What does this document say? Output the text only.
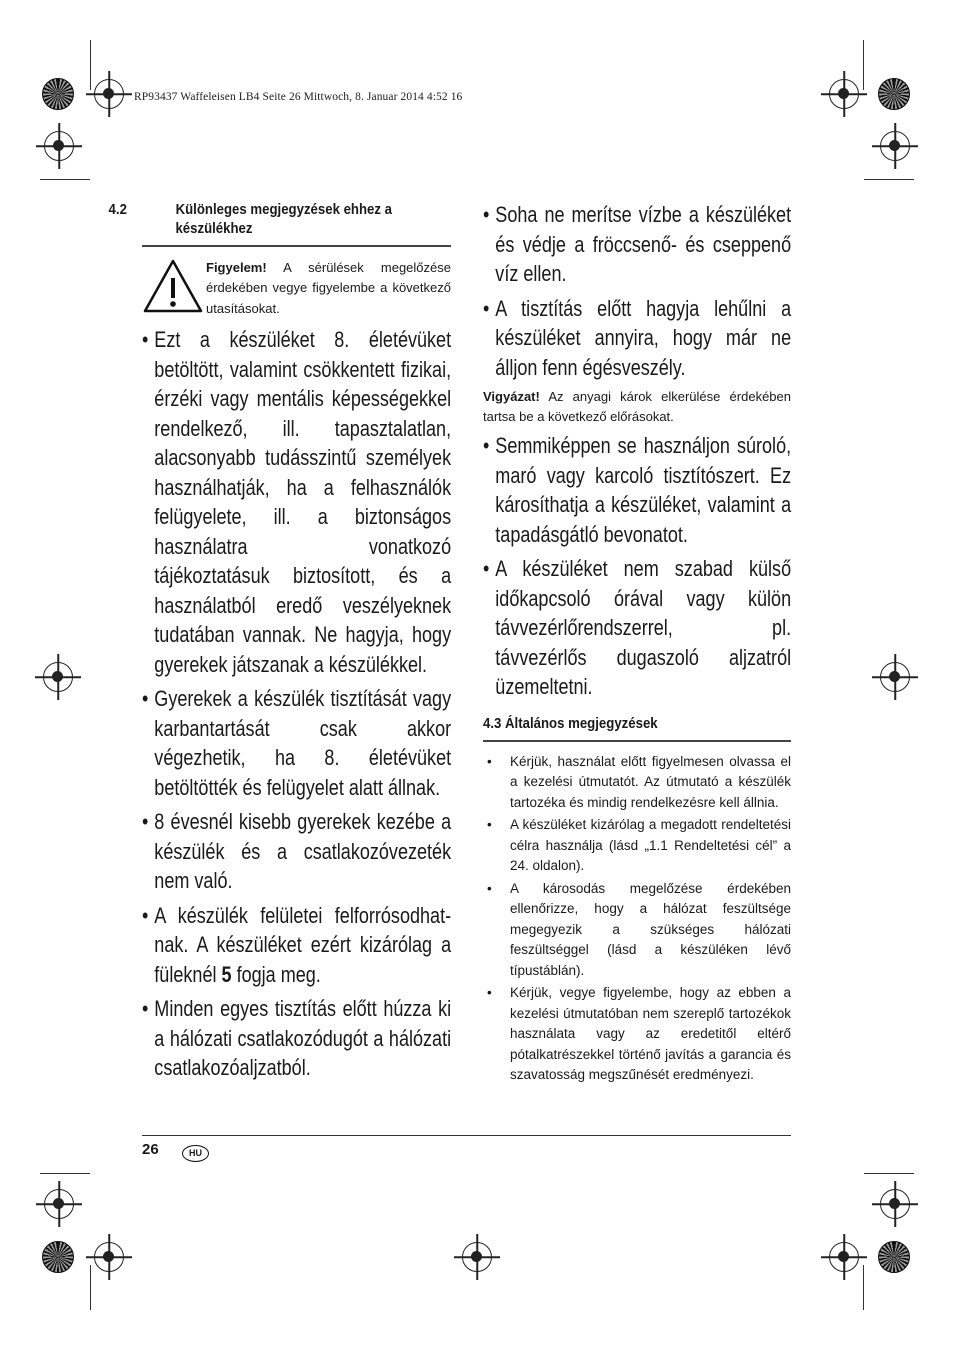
RP93437 Waffeleisen LB4 Seite 26 Mittwoch, 8. Januar 2014 4:52 16
4.2	Különleges megjegyzések ehhez a készülékhez
Figyelem! A sérülések megelőzése érdekében vegye figyelembe a következő utasításokat.
• Ezt a készüléket 8. életévüket betöltött, valamint csökkentett fizikai, érzéki vagy mentális képességekkel rendelkező, ill. tapasztalatlan, alacsonyabb tudásszintű személyek használhatják, ha a felhasználók felügyelete, ill. a biztonságos használatra vonatkozó tájékoztatásuk biztosított, és a használatból eredő veszélyeknek tudatában vannak. Ne hagyja, hogy gyerekek játszanak a készülékkel.
• Gyerekek a készülék tisztítását vagy karbantartását csak akkor végezhetik, ha 8. életévüket betöltötték és felügyelet alatt állnak.
• 8 évesnél kisebb gyerekek kezébe a készülék és a csatlakozóvezeték nem való.
• A készülék felületei felforrósodhat-nak. A készüléket ezért kizárólag a füleknél 5 fogja meg.
• Minden egyes tisztítás előtt húzza ki a hálózati csatlakozódugót a hálózati csatlakozóaljzatból.
• Soha ne merítse vízbe a készüléket és védje a fröccsenő- és cseppenő víz ellen.
• A tisztítás előtt hagyja lehűlni a készüléket annyira, hogy már ne álljon fenn égésveszély.

Vigyázat! Az anyagi károk elkerülése érdekében tartsa be a következő előrásokat.

• Semmiképpen se használjon súroló, maró vagy karcoló tisztítószert. Ez károsíthatja a készüléket, valamint a tapadásgátló bevonatot.
• A készüléket nem szabad külső időkapcsoló órával vagy külön távvezérlőrendszerrel, pl. távvezérlős dugaszoló aljzatról üzemeltetni.
4.3 Általános megjegyzések
• Kérjük, használat előtt figyelmesen olvassa el a kezelési útmutatót. Az útmutató a készülék tartozéka és mindig rendelkezésre kell állnia.
• A készüléket kizárólag a megadott rendeltetési célra használja (lásd „1.1 Rendeltetési cél” a 24. oldalon).
• A károsodás megelőzése érdekében ellenőrizze, hogy a hálózat feszültsége megegyezik a szükséges hálózati feszültséggel (lásd a készüléken lévő típustáblán).
• Kérjük, vegye figyelembe, hogy az ebben a kezelési útmutatóban nem szereplő tartozékok használata vagy az eredetitől eltérő pótalkatrészekkel történő javítás a garancia és szavatosság megszűnését eredményezi.
26	HU
